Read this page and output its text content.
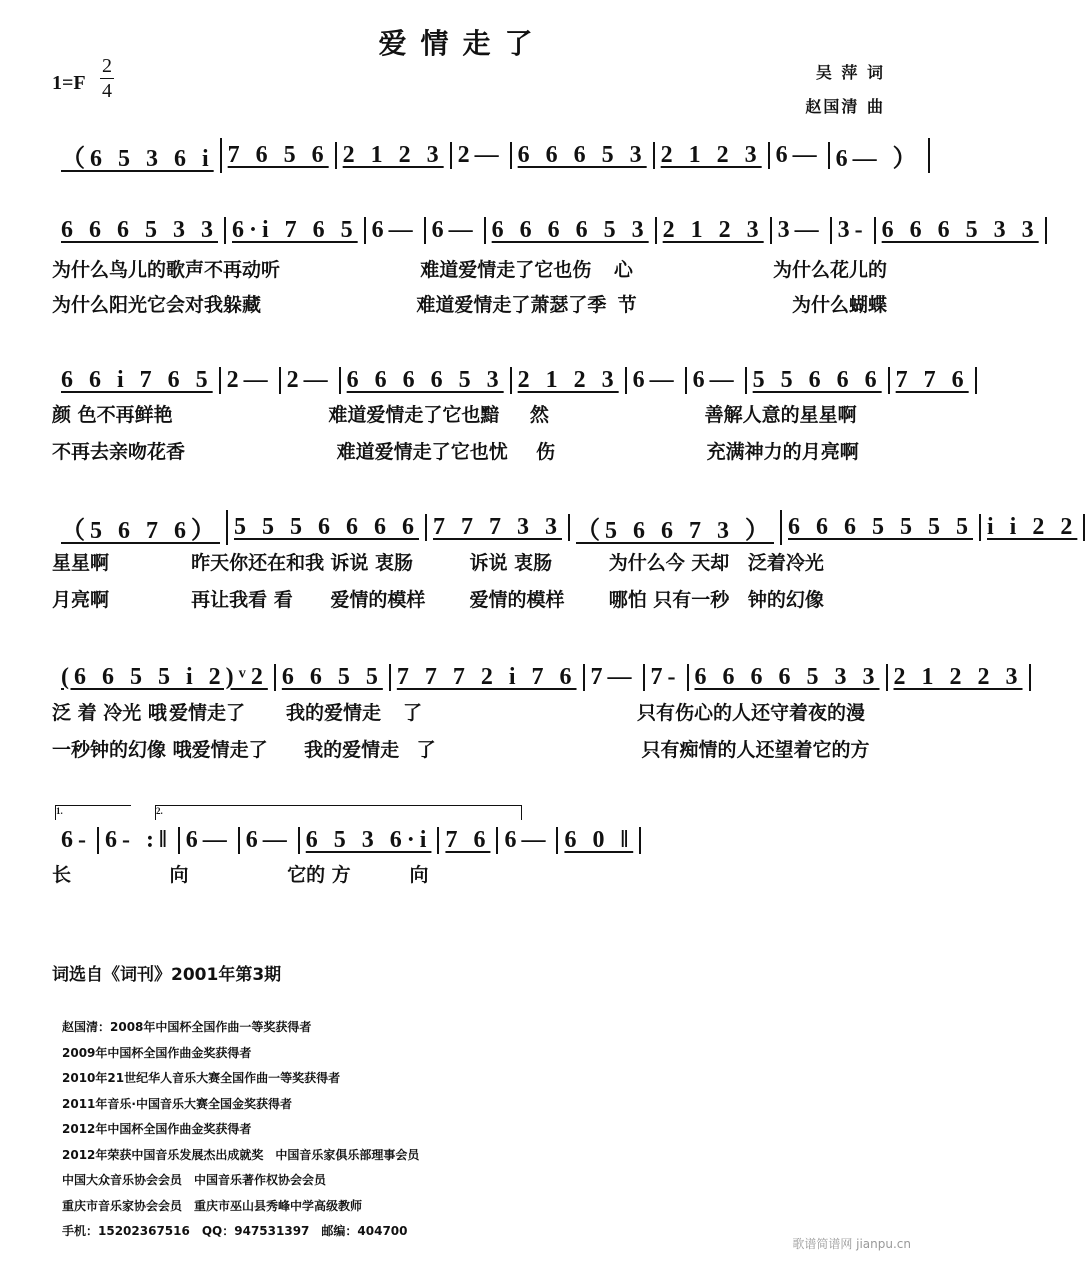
爱情走了
1=F
2
4
吴 萍 词
赵国清 曲
（6 5 3 6 i 7 6 5 6 2 1 2 3 2— 6 6 6 5 3 2 1 2 3 6— 6— ）
6 6 6 5 3 3 6·i 7 6 5 6— 6— 6 6 6 6 5 3 2 1 2 3 3— 3- 6 6 6 5 3 3
为什么鸟儿的 歌声不再动 听	难道爱情走了 它也伤	心	为什么花儿的
为什么阳光 它会对我躲 藏	难道爱情走了 萧瑟了季 节	为什么蝴蝶
6 6 i 7 6 5 2— 2— 6 6 6 6 5 3 2 1 2 3 6— 6— 5 5 6 6 6 7 7 6
颜 色不再鲜 艳	难道爱情走了 它也黯	然	善解人意的 星星啊
不再去亲吻花 香	难道爱情走了 它也忧	伤	充满神力的 月亮啊
（5 6 7 6） 5 5 5 6 6 6 6 7 7 7 3 3 （5 6 6 7 3 ） 6 6 6 5 5 5 5 i i 2 2
星星啊	昨天你还在和我 诉说 衷肠	诉说 衷肠	为什么今 天却 泛着冷光
月亮啊	再让我看 看	爱情的模样	爱情的模样	哪怕 只有一秒 钟的幻像
(6 6 5 5 i 2)ᵛ2 6 6 5 5 7 7 7 2 i 7 6 7— 7- 6 6 6 6 5 3 3 2 1 2 2 3
泛 着 冷光 哦 爱情走了	我的爱情走	了	只有伤心的人还 守着夜的漫
一秒钟的幻像 哦 爱情走了	我的爱情走 了	只有痴情的人还 望着它的方
6- 6- :‖ 6— 6— 6 5 3 6·i 7 6 6— 6 0 ‖
1.	2.
长	向	它的 方	向
词选自《词刊》2001年第3期
赵国清：2008年中国杯全国作曲一等奖获得者
2009年中国杯全国作曲金奖获得者
2010年21世纪华人音乐大赛全国作曲一等奖获得者
2011年音乐·中国音乐大赛全国金奖获得者
2012年中国杯全国作曲金奖获得者
2012年荣获中国音乐发展杰出成就奖　中国音乐家俱乐部理事会员
中国大众音乐协会会员　中国音乐著作权协会会员
重庆市音乐家协会会员　重庆市巫山县秀峰中学高级教师
手机：15202367516　QQ：947531397　邮编：404700
歌谱简谱网 jianpu.cn
